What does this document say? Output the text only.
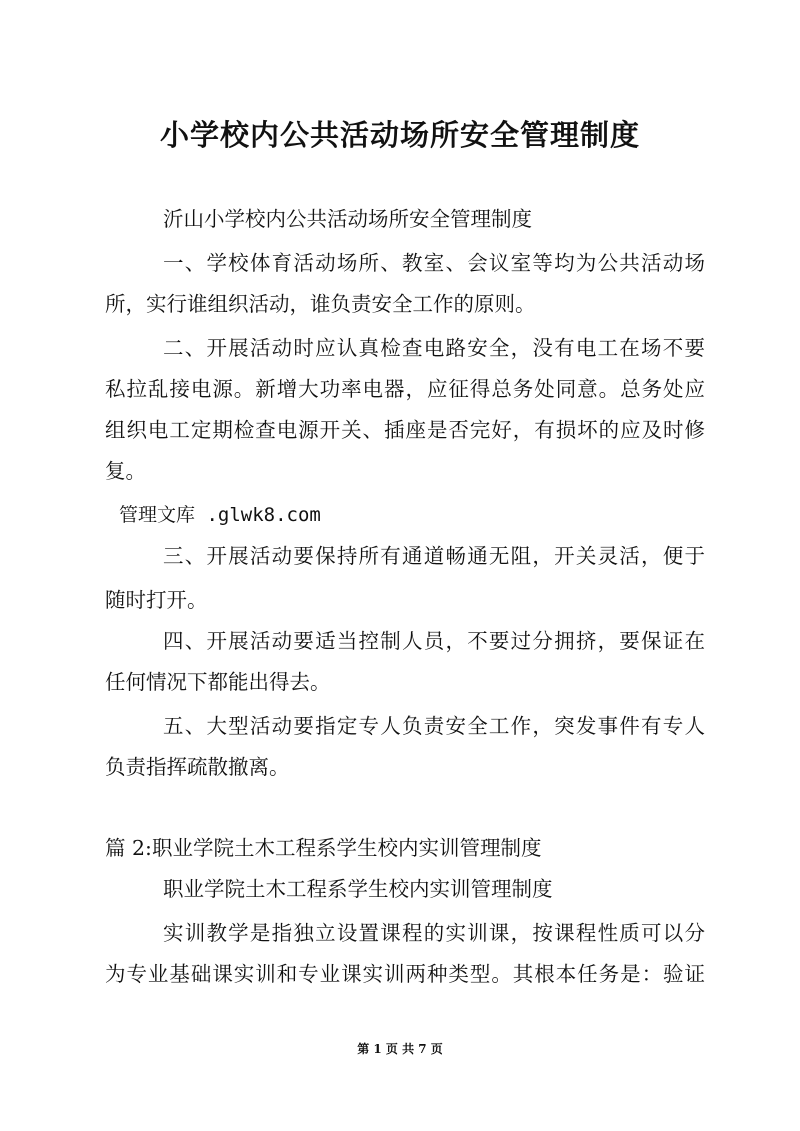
小学校内公共活动场所安全管理制度
沂山小学校内公共活动场所安全管理制度
一、学校体育活动场所、教室、会议室等均为公共活动场
所，实行谁组织活动，谁负责安全工作的原则。
二、开展活动时应认真检查电路安全，没有电工在场不要
私拉乱接电源。新增大功率电器，应征得总务处同意。总务处应
组织电工定期检查电源开关、插座是否完好，有损坏的应及时修
复。
管理文库 .glwk8.com
三、开展活动要保持所有通道畅通无阻，开关灵活，便于
随时打开。
四、开展活动要适当控制人员，不要过分拥挤，要保证在
任何情况下都能出得去。
五、大型活动要指定专人负责安全工作，突发事件有专人
负责指挥疏散撤离。
篇 2:职业学院土木工程系学生校内实训管理制度
职业学院土木工程系学生校内实训管理制度
实训教学是指独立设置课程的实训课，按课程性质可以分
为专业基础课实训和专业课实训两种类型。其根本任务是：验证
第 1 页 共 7 页
